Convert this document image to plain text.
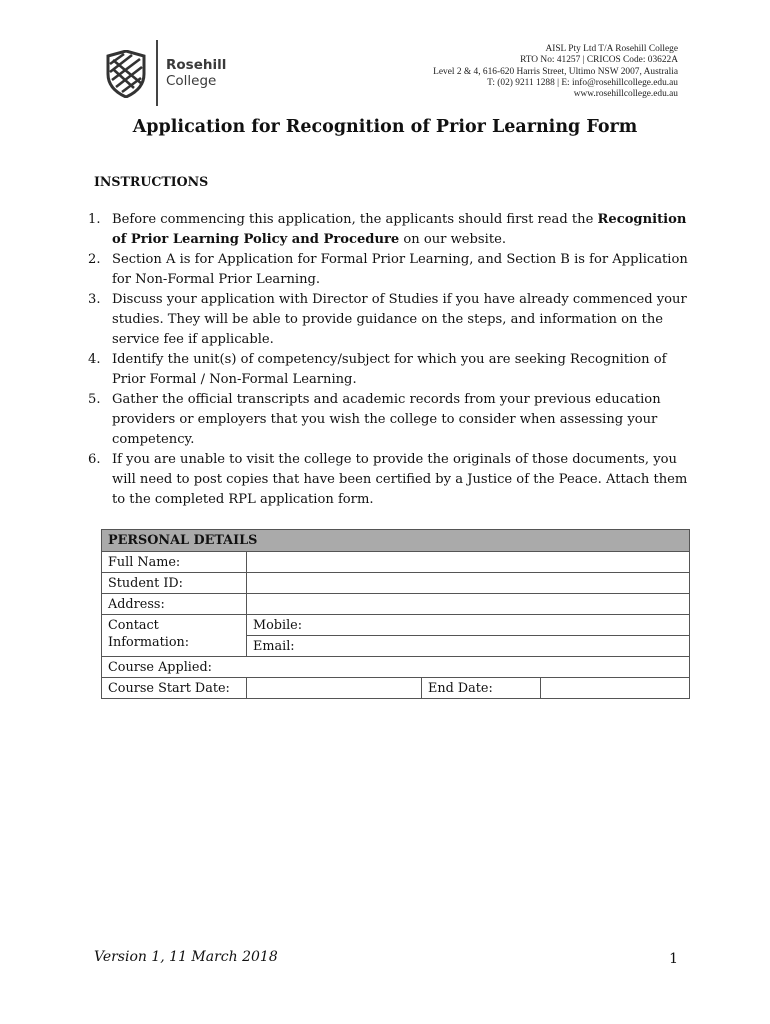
Rosehill
College
AISL Pty Ltd T/A Rosehill College
RTO No: 41257 | CRICOS Code: 03622A
Level 2 & 4, 616-620 Harris Street, Ultimo NSW 2007, Australia
T: (02) 9211 1288 | E: info@rosehillcollege.edu.au
www.rosehillcollege.edu.au
Application for Recognition of Prior Learning Form
INSTRUCTIONS
1. Before commencing this application, the applicants should first read the Recognition of Prior Learning Policy and Procedure on our website.
2. Section A is for Application for Formal Prior Learning, and Section B is for Application for Non-Formal Prior Learning.
3. Discuss your application with Director of Studies if you have already commenced your studies. They will be able to provide guidance on the steps, and information on the service fee if applicable.
4. Identify the unit(s) of competency/subject for which you are seeking Recognition of Prior Formal / Non-Formal Learning.
5. Gather the official transcripts and academic records from your previous education providers or employers that you wish the college to consider when assessing your competency.
6. If you are unable to visit the college to provide the originals of those documents, you will need to post copies that have been certified by a Justice of the Peace. Attach them to the completed RPL application form.
PERSONAL DETAILS			
Full Name:			
Student ID:			
Address:			
Contact
Information:	Mobile:		
	Email:		
Course Applied:			
Course Start Date:		End Date:	
Version 1, 11 March 2018	1
